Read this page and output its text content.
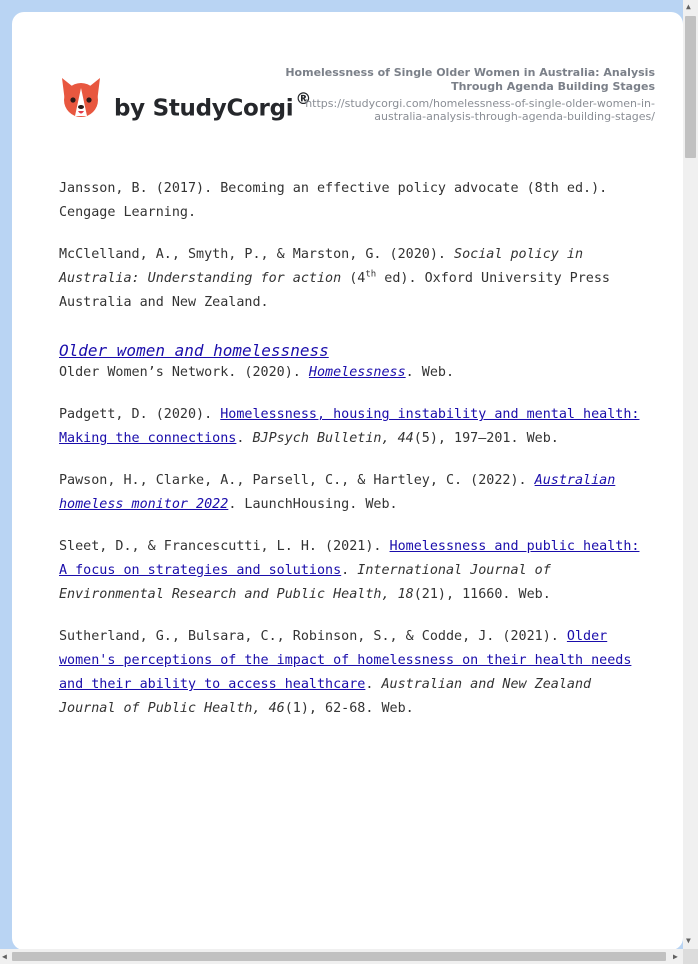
by StudyCorgi ®
Homelessness of Single Older Women in Australia: Analysis Through Agenda Building Stages
https://studycorgi.com/homelessness-of-single-older-women-in-australia-analysis-through-agenda-building-stages/

Jansson, B. (2017). Becoming an effective policy advocate (8th ed.). Cengage Learning.

McClelland, A., Smyth, P., & Marston, G. (2020). Social policy in Australia: Understanding for action (4th ed). Oxford University Press Australia and New Zealand.

Older women and homelessness

Older Women’s Network. (2020). Homelessness. Web.

Padgett, D. (2020). Homelessness, housing instability and mental health: Making the connections. BJPsych Bulletin, 44(5), 197–201. Web.

Pawson, H., Clarke, A., Parsell, C., & Hartley, C. (2022). Australian homeless monitor 2022. LaunchHousing. Web.

Sleet, D., & Francescutti, L. H. (2021). Homelessness and public health: A focus on strategies and solutions. International Journal of Environmental Research and Public Health, 18(21), 11660. Web.

Sutherland, G., Bulsara, C., Robinson, S., & Codde, J. (2021). Older women's perceptions of the impact of homelessness on their health needs and their ability to access healthcare. Australian and New Zealand Journal of Public Health, 46(1), 62-68. Web.

▲
▼
◀	▶
